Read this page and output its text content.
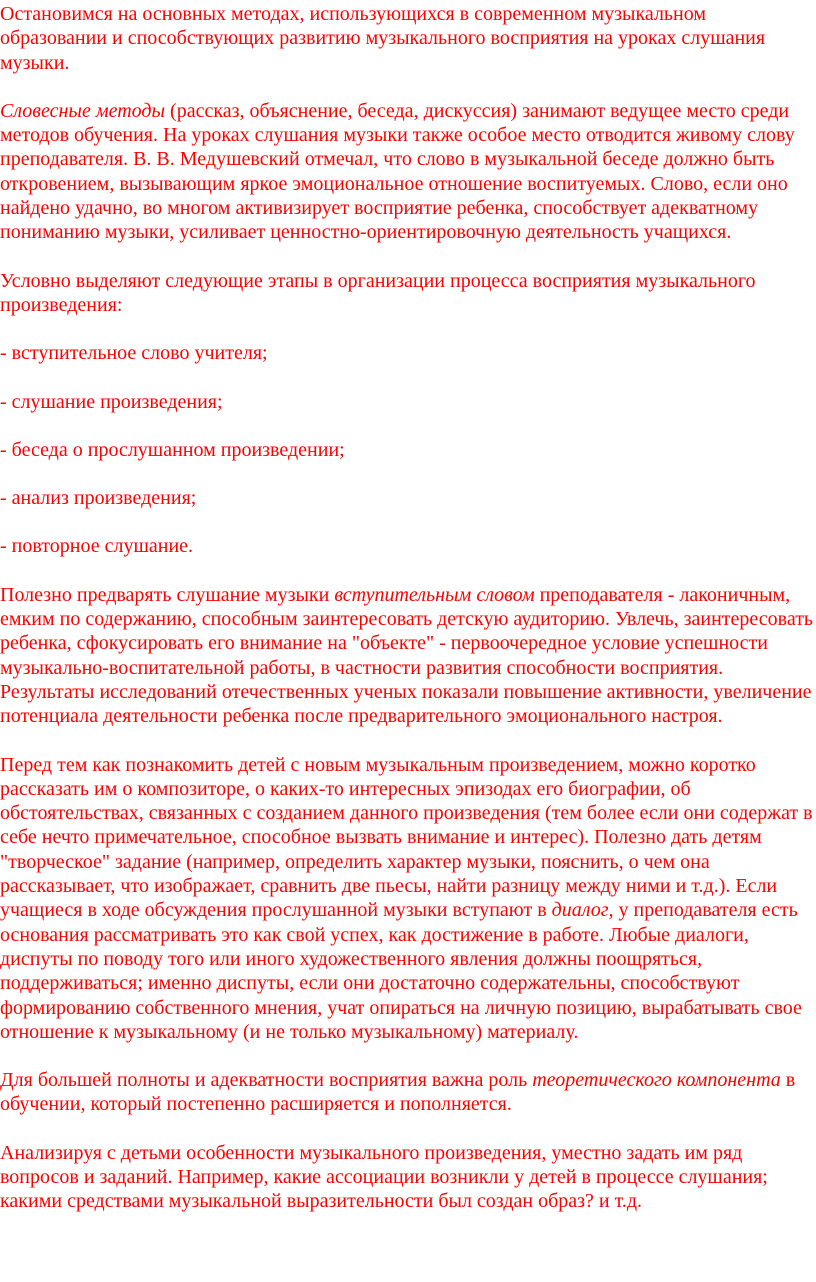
Остановимся на основных методах, использующихся в современном музыкальном образовании и способствующих развитию музыкального восприятия на уроках слушания музыки.

Словесные методы (рассказ, объяснение, беседа, дискуссия) занимают ведущее место среди методов обучения. На уроках слушания музыки также особое место отводится живому слову преподавателя. В. В. Медушевский отмечал, что слово в музыкальной беседе должно быть откровением, вызывающим яркое эмоциональное отношение воспитуемых. Слово, если оно найдено удачно, во многом активизирует восприятие ребенка, способствует адекватному пониманию музыки, усиливает ценностно-ориентировочную деятельность учащихся.

Условно выделяют следующие этапы в организации процесса восприятия музыкального произведения:

- вступительное слово учителя;

- слушание произведения;

- беседа о прослушанном произведении;

- анализ произведения;

- повторное слушание.

Полезно предварять слушание музыки вступительным словом преподавателя - лаконичным, емким по содержанию, способным заинтересовать детскую аудиторию. Увлечь, заинтересовать ребенка, сфокусировать его внимание на "объекте" - первоочередное условие успешности музыкально-воспитательной работы, в частности развития способности восприятия. Результаты исследований отечественных ученых показали повышение активности, увеличение потенциала деятельности ребенка после предварительного эмоционального настроя.

Перед тем как познакомить детей с новым музыкальным произведением, можно коротко рассказать им о композиторе, о каких-то интересных эпизодах его биографии, об обстоятельствах, связанных с созданием данного произведения (тем более если они содержат в себе нечто примечательное, способное вызвать внимание и интерес). Полезно дать детям "творческое" задание (например, определить характер музыки, пояснить, о чем она рассказывает, что изображает, сравнить две пьесы, найти разницу между ними и т.д.). Если учащиеся в ходе обсуждения прослушанной музыки вступают в диалог, у преподавателя есть основания рассматривать это как свой успех, как достижение в работе. Любые диалоги, диспуты по поводу того или иного художественного явления должны поощряться, поддерживаться; именно диспуты, если они достаточно содержательны, способствуют формированию собственного мнения, учат опираться на личную позицию, вырабатывать свое отношение к музыкальному (и не только музыкальному) материалу.

Для большей полноты и адекватности восприятия важна роль теоретического компонента в обучении, который постепенно расширяется и пополняется.

Анализируя с детьми особенности музыкального произведения, уместно задать им ряд вопросов и заданий. Например, какие ассоциации возникли у детей в процессе слушания; какими средствами музыкальной выразительности был создан образ? и т.д.
